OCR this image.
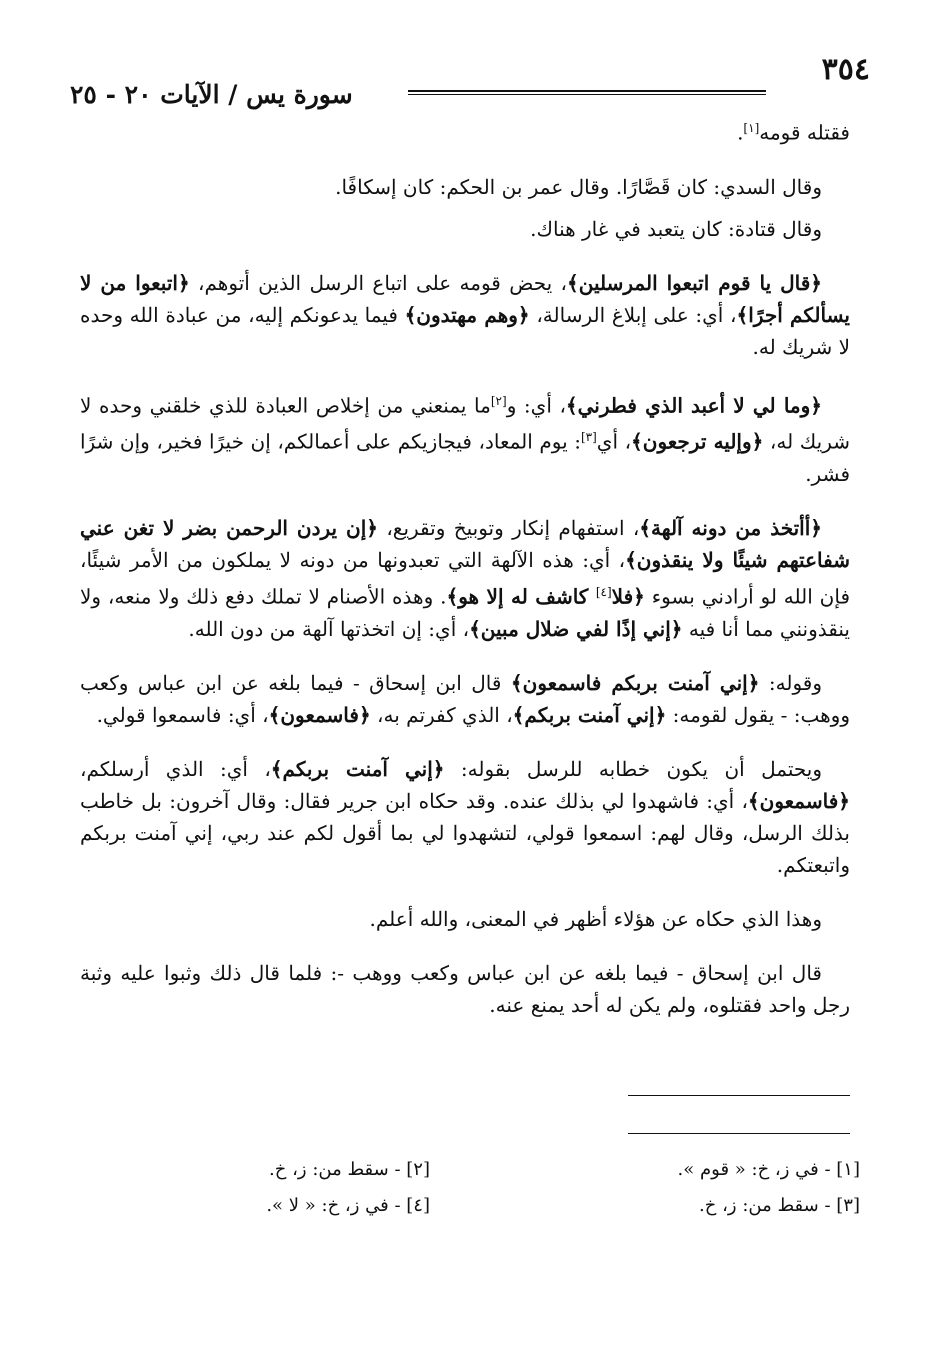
٣٥٤
سورة يس / الآيات ٢٠ - ٢٥

فقتله قومه[١].

وقال السدي: كان قَصَّارًا. وقال عمر بن الحكم: كان إسكافًا.

وقال قتادة: كان يتعبد في غار هناك.

﴿قال يا قوم اتبعوا المرسلين﴾، يحض قومه على اتباع الرسل الذين أتوهم، ﴿اتبعوا من لا يسألكم أجرًا﴾، أي: على إبلاغ الرسالة، ﴿وهم مهتدون﴾ فيما يدعونكم إليه، من عبادة الله وحده لا شريك له.

﴿وما لي لا أعبد الذي فطرني﴾، أي: و[٢]ما يمنعني من إخلاص العبادة للذي خلقني وحده لا شريك له، ﴿وإليه ترجعون﴾، أي[٣]: يوم المعاد، فيجازيكم على أعمالكم، إن خيرًا فخير، وإن شرًا فشر.

﴿أأتخذ من دونه آلهة﴾، استفهام إنكار وتوبيخ وتقريع، ﴿إن يردن الرحمن بضر لا تغن عني شفاعتهم شيئًا ولا ينقذون﴾، أي: هذه الآلهة التي تعبدونها من دونه لا يملكون من الأمر شيئًا، فإن الله لو أرادني بسوء ﴿فلا[٤] كاشف له إلا هو﴾. وهذه الأصنام لا تملك دفع ذلك ولا منعه، ولا ينقذونني مما أنا فيه ﴿إني إذًا لفي ضلال مبين﴾، أي: إن اتخذتها آلهة من دون الله.

وقوله: ﴿إني آمنت بربكم فاسمعون﴾ قال ابن إسحاق - فيما بلغه عن ابن عباس وكعب ووهب: - يقول لقومه: ﴿إني آمنت بربكم﴾، الذي كفرتم به، ﴿فاسمعون﴾، أي: فاسمعوا قولي.

ويحتمل أن يكون خطابه للرسل بقوله: ﴿إني آمنت بربكم﴾، أي: الذي أرسلكم، ﴿فاسمعون﴾، أي: فاشهدوا لي بذلك عنده. وقد حكاه ابن جرير فقال: وقال آخرون: بل خاطب بذلك الرسل، وقال لهم: اسمعوا قولي، لتشهدوا لي بما أقول لكم عند ربي، إني آمنت بربكم واتبعتكم.

وهذا الذي حكاه عن هؤلاء أظهر في المعنى، والله أعلم.

قال ابن إسحاق - فيما بلغه عن ابن عباس وكعب ووهب -: فلما قال ذلك وثبوا عليه وثبة رجل واحد فقتلوه، ولم يكن له أحد يمنع عنه.

[١] - في ز، خ: « قوم ».
[٣] - سقط من: ز، خ.
[٢] - سقط من: ز، خ.
[٤] - في ز، خ: « لا ».
